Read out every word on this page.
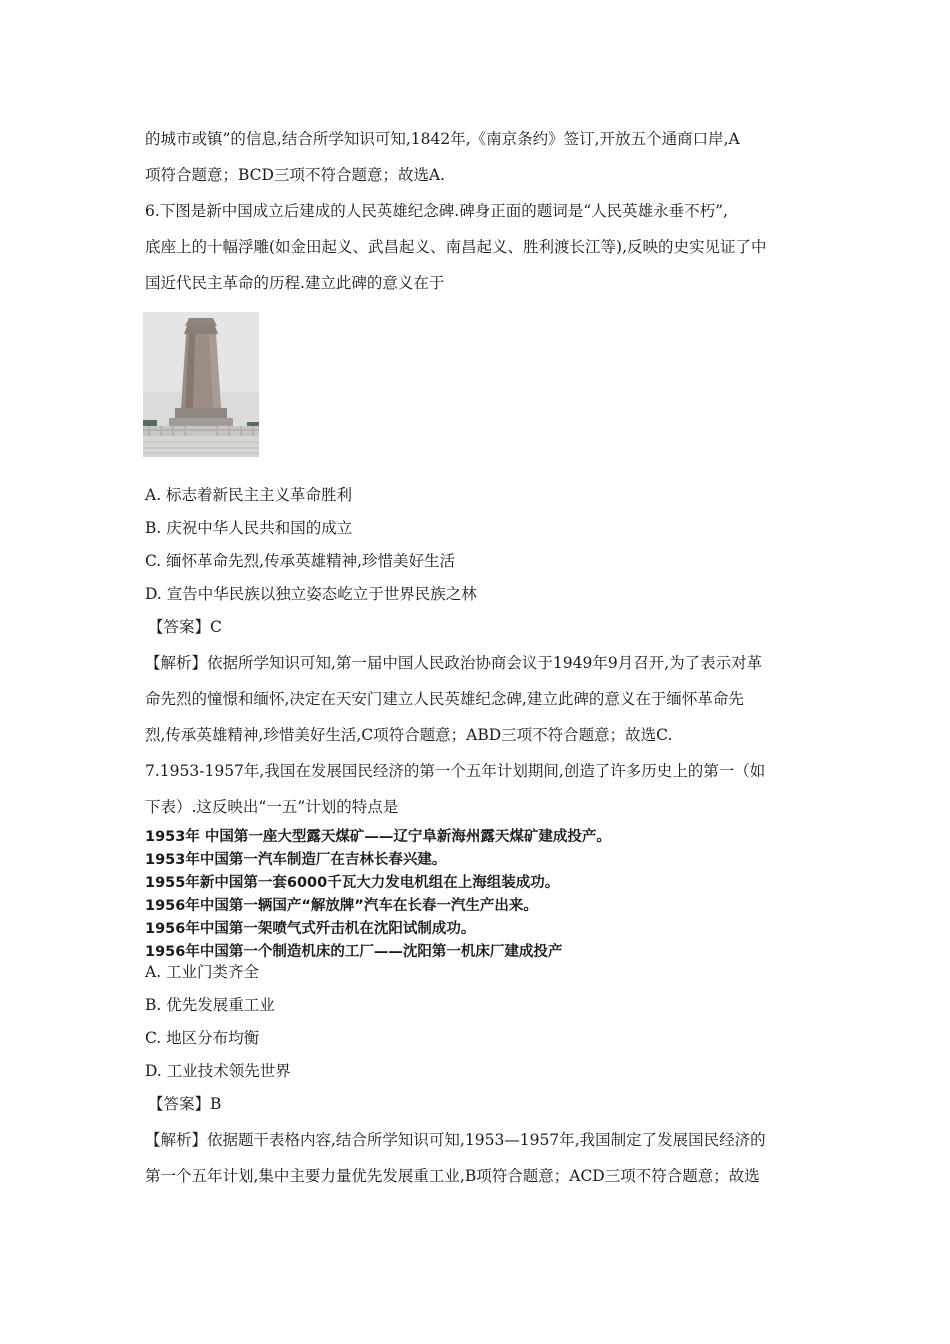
的城市或镇”的信息,结合所学知识可知,1842年,《南京条约》签订,开放五个通商口岸,A
项符合题意；BCD三项不符合题意；故选A.
6.下图是新中国成立后建成的人民英雄纪念碑.碑身正面的题词是“人民英雄永垂不朽”,
底座上的十幅浮雕(如金田起义、武昌起义、南昌起义、胜利渡长江等),反映的史实见证了中
国近代民主革命的历程.建立此碑的意义在于
A. 标志着新民主主义革命胜利
B. 庆祝中华人民共和国的成立
C. 缅怀革命先烈,传承英雄精神,珍惜美好生活
D. 宣告中华民族以独立姿态屹立于世界民族之林
【答案】C
【解析】依据所学知识可知,第一届中国人民政治协商会议于1949年9月召开,为了表示对革
命先烈的憧憬和缅怀,决定在天安门建立人民英雄纪念碑,建立此碑的意义在于缅怀革命先
烈,传承英雄精神,珍惜美好生活,C项符合题意；ABD三项不符合题意；故选C.
7.1953-1957年,我国在发展国民经济的第一个五年计划期间,创造了许多历史上的第一（如
下表）.这反映出“一五”计划的特点是
1953年 中国第一座大型露天煤矿——辽宁阜新海州露天煤矿建成投产。
1953年中国第一汽车制造厂在吉林长春兴建。
1955年新中国第一套6000千瓦大力发电机组在上海组装成功。
1956年中国第一辆国产“解放牌”汽车在长春一汽生产出来。
1956年中国第一架喷气式歼击机在沈阳试制成功。
1956年中国第一个制造机床的工厂——沈阳第一机床厂建成投产
A. 工业门类齐全
B. 优先发展重工业
C. 地区分布均衡
D. 工业技术领先世界
【答案】B
【解析】依据题干表格内容,结合所学知识可知,1953—1957年,我国制定了发展国民经济的
第一个五年计划,集中主要力量优先发展重工业,B项符合题意；ACD三项不符合题意；故选
